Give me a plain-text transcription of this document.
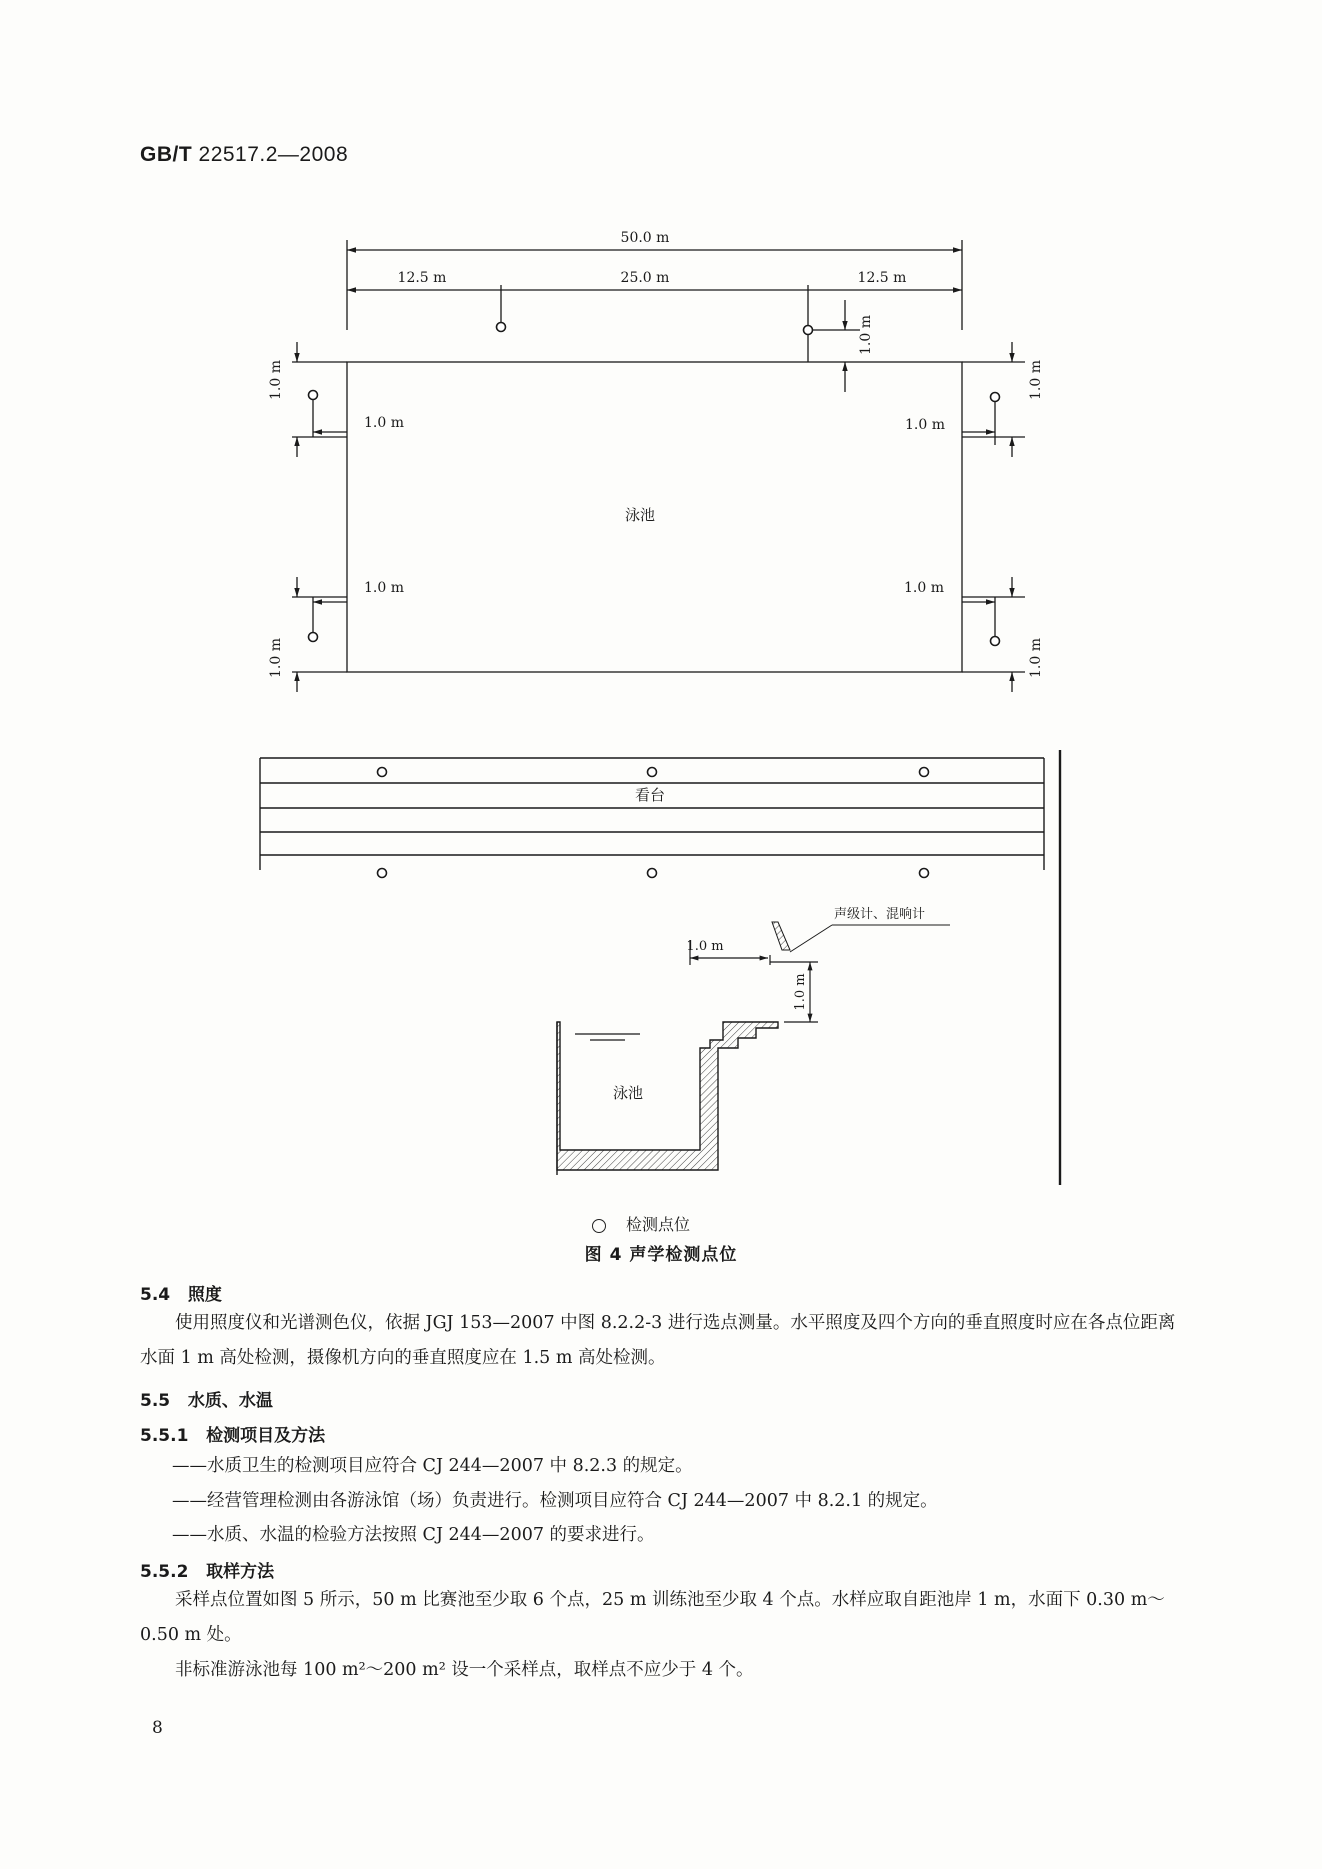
GB/T 22517.2—2008
50.0 m
12.5 m	25.0 m	12.5 m
1.0 m	1.0 m
1.0 m	1.0 m
1.0 m
1.0 m
1.0 m
1.0 m
1.0 m
泳池
看台
1.0 m
1.0 m
声级计、混响计
泳池
检测点位
图 4 声学检测点位
5.4 照度
使用照度仪和光谱测色仪，依据 JGJ 153—2007 中图 8.2.2-3 进行选点测量。水平照度及四个方向的垂直照度时应在各点位距离水面 1 m 高处检测，摄像机方向的垂直照度应在 1.5 m 高处检测。
5.5 水质、水温
5.5.1 检测项目及方法
——水质卫生的检测项目应符合 CJ 244—2007 中 8.2.3 的规定。
——经营管理检测由各游泳馆（场）负责进行。检测项目应符合 CJ 244—2007 中 8.2.1 的规定。
——水质、水温的检验方法按照 CJ 244—2007 的要求进行。
5.5.2 取样方法
采样点位置如图 5 所示，50 m 比赛池至少取 6 个点，25 m 训练池至少取 4 个点。水样应取自距池岸 1 m，水面下 0.30 m～0.50 m 处。
非标准游泳池每 100 m²～200 m² 设一个采样点，取样点不应少于 4 个。
8
